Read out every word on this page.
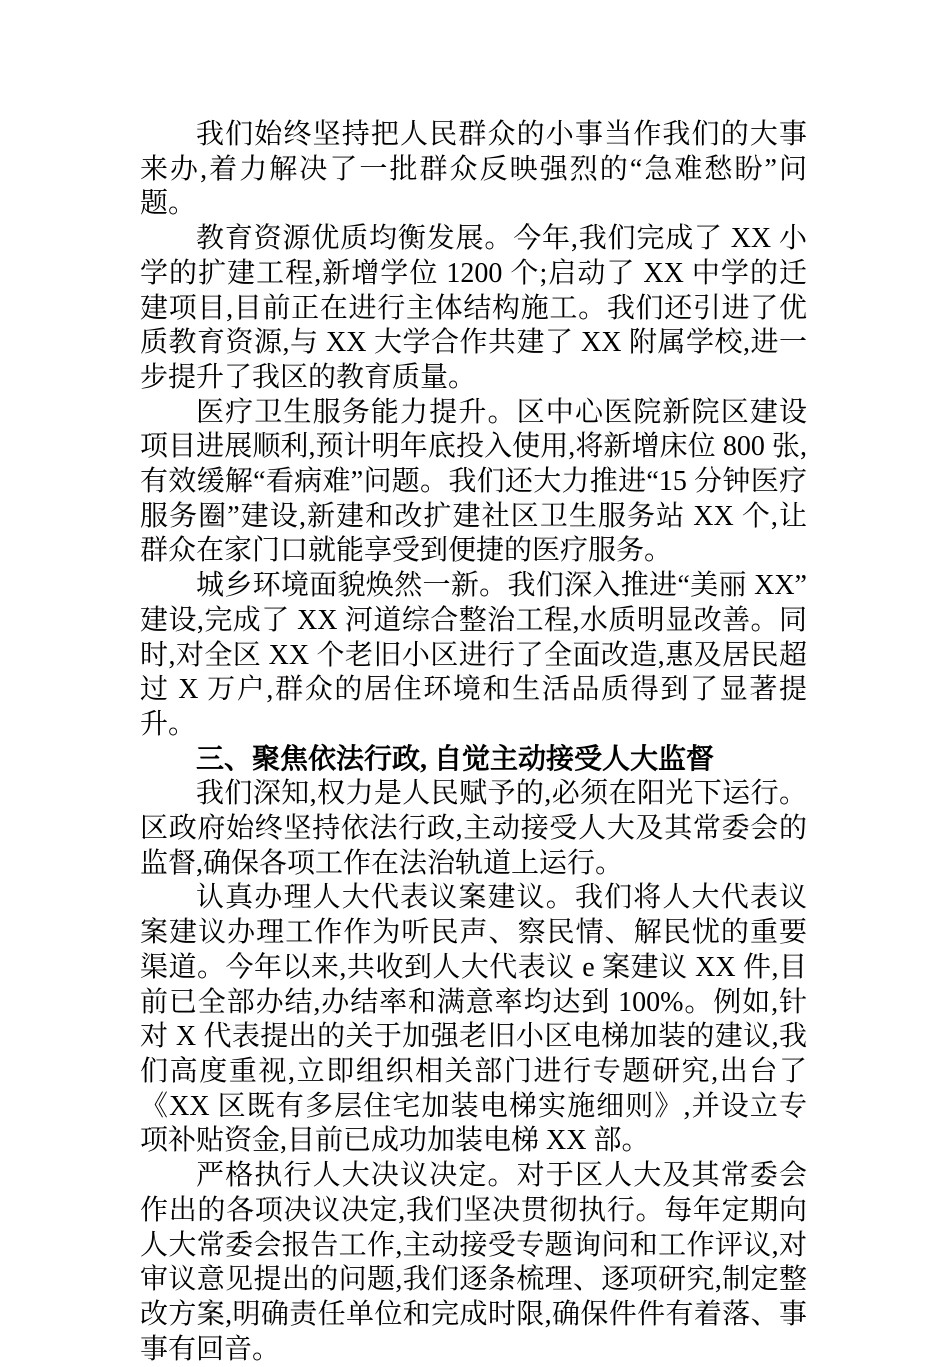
我们始终坚持把人民群众的小事当作我们的大事来办,着力解决了一批群众反映强烈的“急难愁盼”问题。

教育资源优质均衡发展。今年,我们完成了 XX 小学的扩建工程,新增学位 1200 个;启动了 XX 中学的迁建项目,目前正在进行主体结构施工。我们还引进了优质教育资源,与 XX 大学合作共建了 XX 附属学校,进一步提升了我区的教育质量。

医疗卫生服务能力提升。区中心医院新院区建设项目进展顺利,预计明年底投入使用,将新增床位 800 张,有效缓解“看病难”问题。我们还大力推进“15 分钟医疗服务圈”建设,新建和改扩建社区卫生服务站 XX 个,让群众在家门口就能享受到便捷的医疗服务。

城乡环境面貌焕然一新。我们深入推进“美丽 XX”建设,完成了 XX 河道综合整治工程,水质明显改善。同时,对全区 XX 个老旧小区进行了全面改造,惠及居民超过 X 万户,群众的居住环境和生活品质得到了显著提升。

三、聚焦依法行政, 自觉主动接受人大监督

我们深知,权力是人民赋予的,必须在阳光下运行。区政府始终坚持依法行政,主动接受人大及其常委会的监督,确保各项工作在法治轨道上运行。

认真办理人大代表议案建议。我们将人大代表议案建议办理工作作为听民声、察民情、解民忧的重要渠道。今年以来,共收到人大代表议 e 案建议 XX 件,目前已全部办结,办结率和满意率均达到 100%。例如,针对 X 代表提出的关于加强老旧小区电梯加装的建议,我们高度重视,立即组织相关部门进行专题研究,出台了《XX 区既有多层住宅加装电梯实施细则》,并设立专项补贴资金,目前已成功加装电梯 XX 部。

严格执行人大决议决定。对于区人大及其常委会作出的各项决议决定,我们坚决贯彻执行。每年定期向人大常委会报告工作,主动接受专题询问和工作评议,对审议意见提出的问题,我们逐条梳理、逐项研究,制定整改方案,明确责任单位和完成时限,确保件件有着落、事事有回音。
